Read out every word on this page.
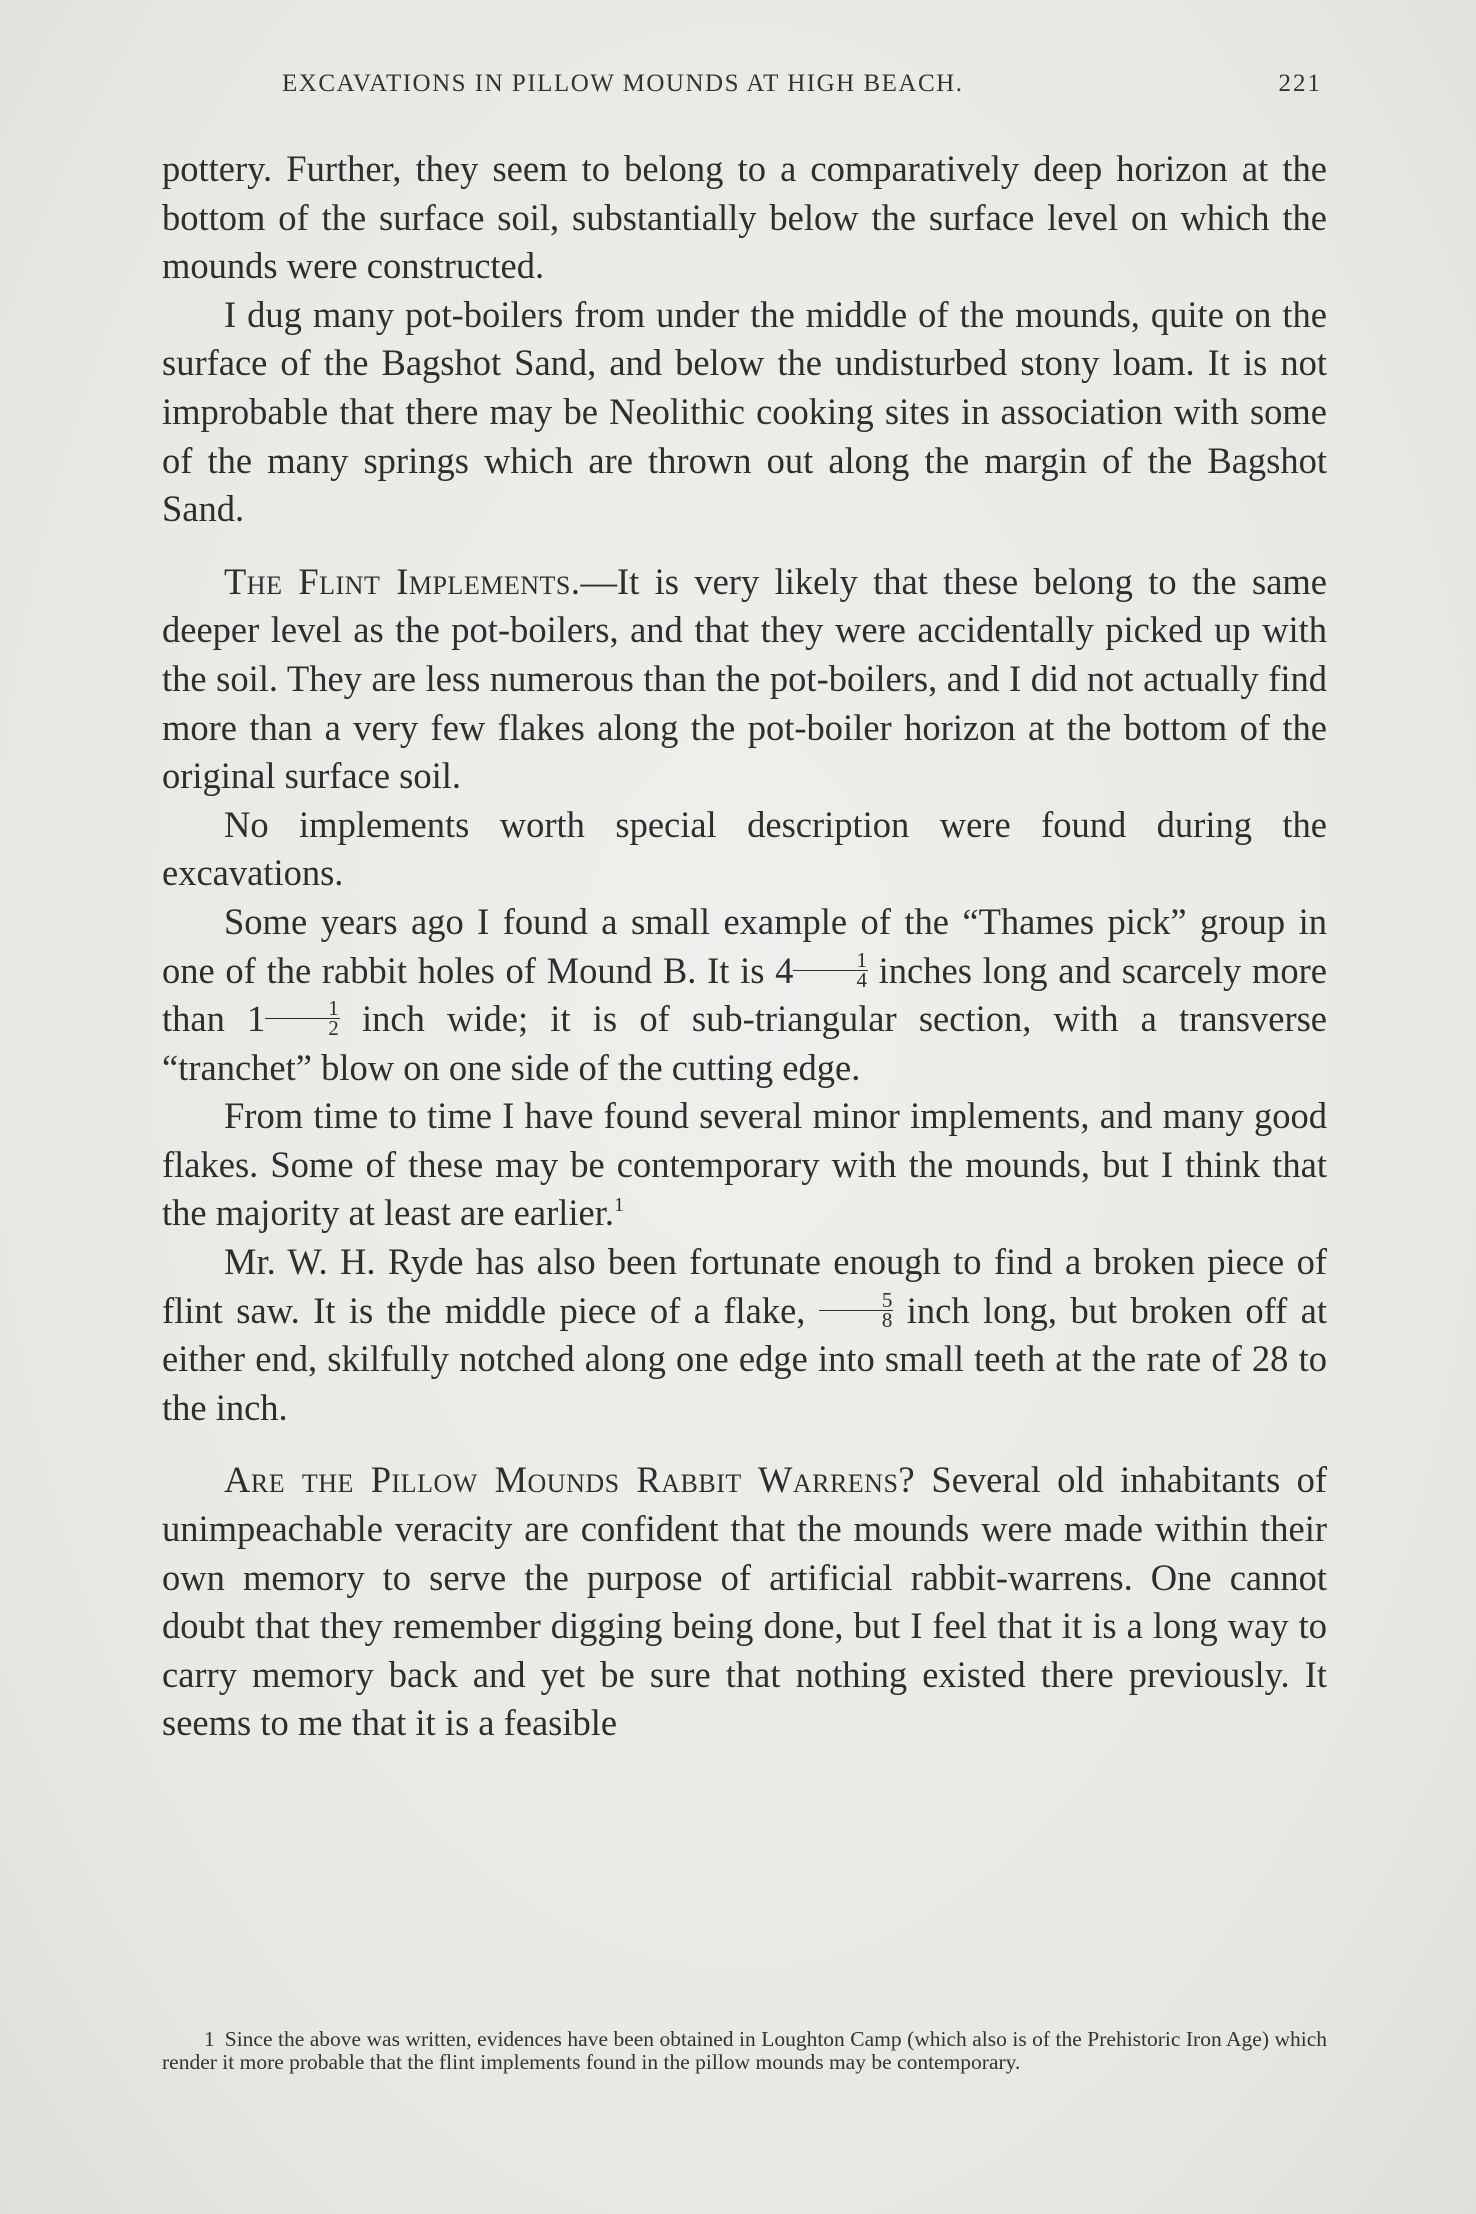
EXCAVATIONS IN PILLOW MOUNDS AT HIGH BEACH.	221

pottery. Further, they seem to belong to a comparatively deep horizon at the bottom of the surface soil, substantially below the surface level on which the mounds were constructed.

I dug many pot-boilers from under the middle of the mounds, quite on the surface of the Bagshot Sand, and below the undisturbed stony loam. It is not improbable that there may be Neolithic cooking sites in association with some of the many springs which are thrown out along the margin of the Bagshot Sand.

The Flint Implements.—It is very likely that these belong to the same deeper level as the pot-boilers, and that they were accidentally picked up with the soil. They are less numerous than the pot-boilers, and I did not actually find more than a very few flakes along the pot-boiler horizon at the bottom of the original surface soil.

No implements worth special description were found during the excavations.

Some years ago I found a small example of the “Thames pick” group in one of the rabbit holes of Mound B. It is $4 \frac{1}{4}$ inches long and scarcely more than $1 \frac{1}{2}$ inch wide; it is of sub-triangular section, with a transverse “tranchet” blow on one side of the cutting edge.

From time to time I have found several minor implements, and many good flakes. Some of these may be contemporary with the mounds, but I think that the majority at least are earlier.$^1$

Mr. W. H. Ryde has also been fortunate enough to find a broken piece of flint saw. It is the middle piece of a flake, $\frac{5}{8}$ inch long, but broken off at either end, skilfully notched along one edge into small teeth at the rate of 28 to the inch.

Are the Pillow Mounds Rabbit Warrens? Several old inhabitants of unimpeachable veracity are confident that the mounds were made within their own memory to serve the purpose of artificial rabbit-warrens. One cannot doubt that they remember digging being done, but I feel that it is a long way to carry memory back and yet be sure that nothing existed there previously. It seems to me that it is a feasible

1 Since the above was written, evidences have been obtained in Loughton Camp (which also is of the Prehistoric Iron Age) which render it more probable that the flint implements found in the pillow mounds may be contemporary.
